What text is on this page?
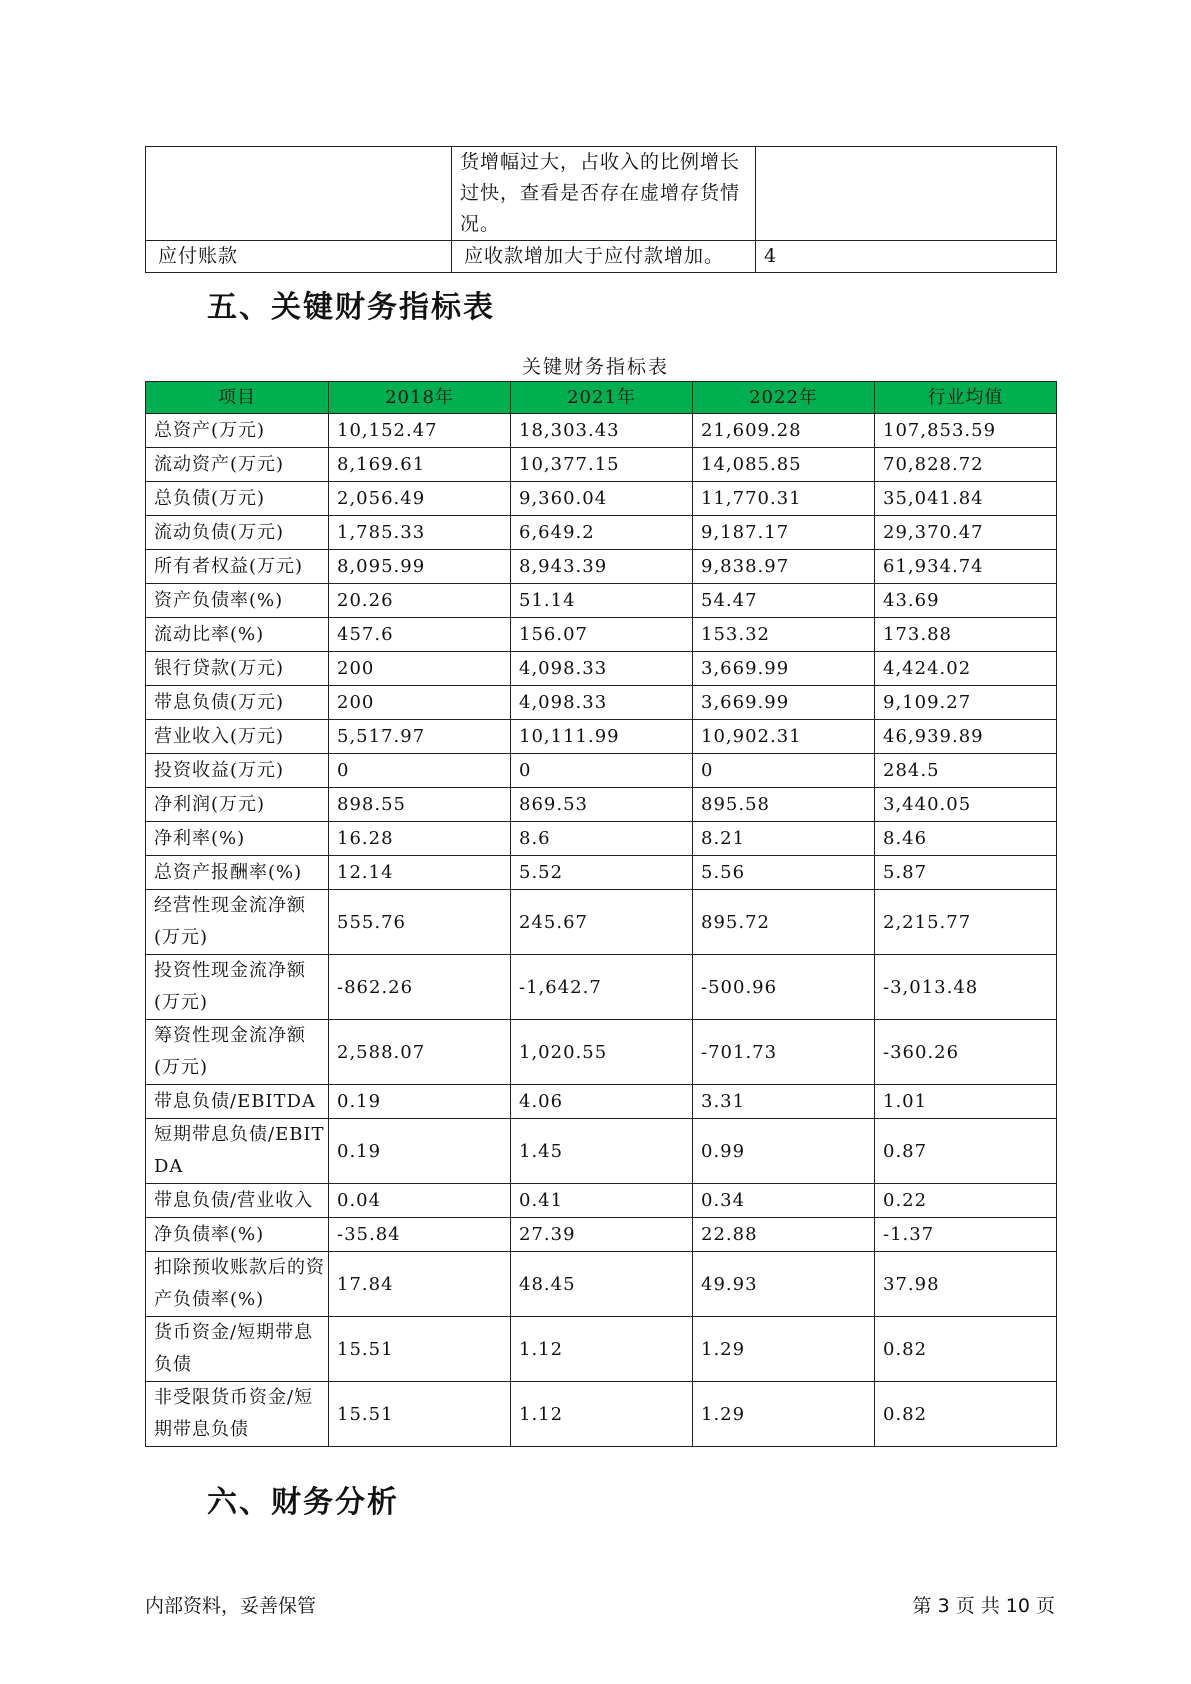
	货增幅过大，占收入的比例增长过快，查看是否存在虚增存货情况。	
应付账款	应收款增加大于应付款增加。	4
五、关键财务指标表
关键财务指标表
项目	2018年	2021年	2022年	行业均值
总资产(万元)	10,152.47	18,303.43	21,609.28	107,853.59
流动资产(万元)	8,169.61	10,377.15	14,085.85	70,828.72
总负债(万元)	2,056.49	9,360.04	11,770.31	35,041.84
流动负债(万元)	1,785.33	6,649.2	9,187.17	29,370.47
所有者权益(万元)	8,095.99	8,943.39	9,838.97	61,934.74
资产负债率(%)	20.26	51.14	54.47	43.69
流动比率(%)	457.6	156.07	153.32	173.88
银行贷款(万元)	200	4,098.33	3,669.99	4,424.02
带息负债(万元)	200	4,098.33	3,669.99	9,109.27
营业收入(万元)	5,517.97	10,111.99	10,902.31	46,939.89
投资收益(万元)	0	0	0	284.5
净利润(万元)	898.55	869.53	895.58	3,440.05
净利率(%)	16.28	8.6	8.21	8.46
总资产报酬率(%)	12.14	5.52	5.56	5.87
经营性现金流净额(万元)	555.76	245.67	895.72	2,215.77
投资性现金流净额(万元)	-862.26	-1,642.7	-500.96	-3,013.48
筹资性现金流净额(万元)	2,588.07	1,020.55	-701.73	-360.26
带息负债/EBITDA	0.19	4.06	3.31	1.01
短期带息负债/EBITDA	0.19	1.45	0.99	0.87
带息负债/营业收入	0.04	0.41	0.34	0.22
净负债率(%)	-35.84	27.39	22.88	-1.37
扣除预收账款后的资产负债率(%)	17.84	48.45	49.93	37.98
货币资金/短期带息负债	15.51	1.12	1.29	0.82
非受限货币资金/短期带息负债	15.51	1.12	1.29	0.82
六、财务分析
内部资料，妥善保管	第 3 页 共 10 页
